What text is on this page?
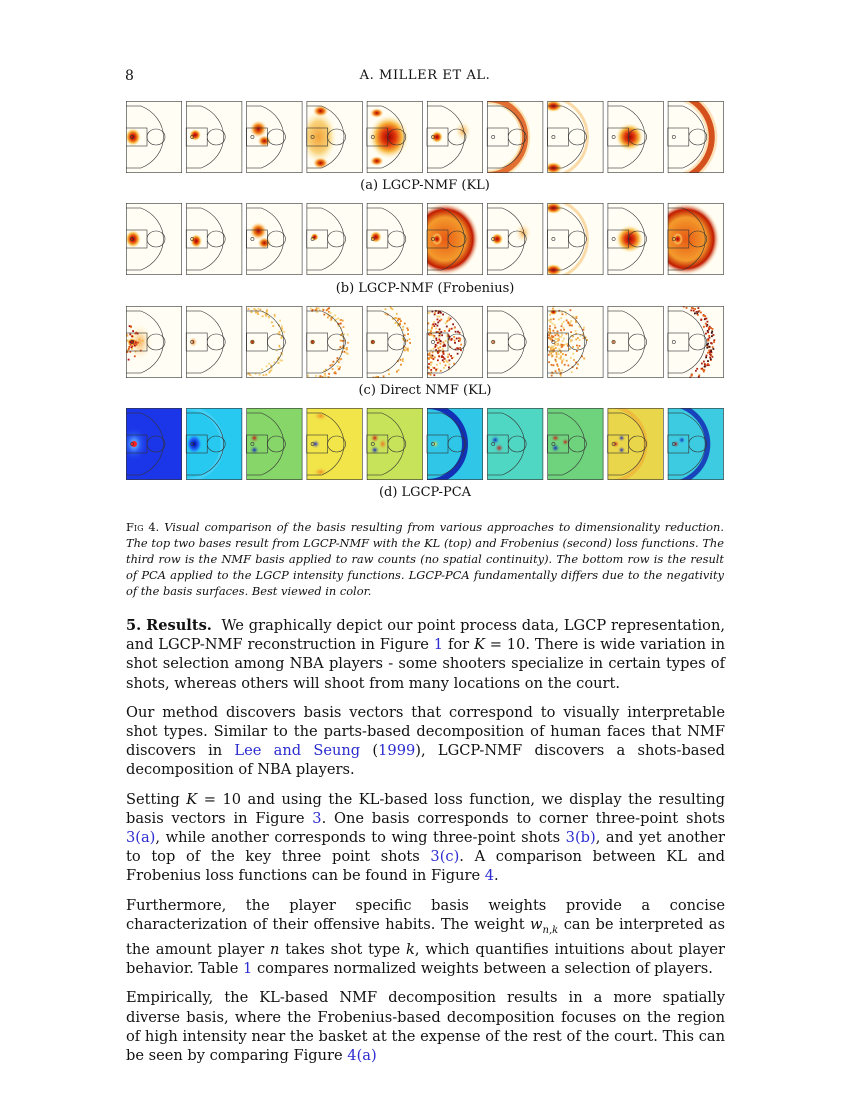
8	A. MILLER ET AL.
(a) LGCP-NMF (KL)
(b) LGCP-NMF (Frobenius)
(c) Direct NMF (KL)
(d) LGCP-PCA
Fig 4. Visual comparison of the basis resulting from various approaches to dimensionality reduction. The top two bases result from LGCP-NMF with the KL (top) and Frobenius (second) loss functions. The third row is the NMF basis applied to raw counts (no spatial continuity). The bottom row is the result of PCA applied to the LGCP intensity functions. LGCP-PCA fundamentally differs due to the negativity of the basis surfaces. Best viewed in color.

5. Results. We graphically depict our point process data, LGCP representation, and LGCP-NMF reconstruction in Figure 1 for K = 10. There is wide variation in shot selection among NBA players - some shooters specialize in certain types of shots, whereas others will shoot from many locations on the court.

Our method discovers basis vectors that correspond to visually interpretable shot types. Similar to the parts-based decomposition of human faces that NMF discovers in Lee and Seung (1999), LGCP-NMF discovers a shots-based decomposition of NBA players.

Setting K = 10 and using the KL-based loss function, we display the resulting basis vectors in Figure 3. One basis corresponds to corner three-point shots 3(a), while another corresponds to wing three-point shots 3(b), and yet another to top of the key three point shots 3(c). A comparison between KL and Frobenius loss functions can be found in Figure 4.

Furthermore, the player specific basis weights provide a concise characterization of their offensive habits. The weight $w_{n,k}$ can be interpreted as the amount player n takes shot type k, which quantifies intuitions about player behavior. Table 1 compares normalized weights between a selection of players.

Empirically, the KL-based NMF decomposition results in a more spatially diverse basis, where the Frobenius-based decomposition focuses on the region of high intensity near the basket at the expense of the rest of the court. This can be seen by comparing Figure 4(a)
